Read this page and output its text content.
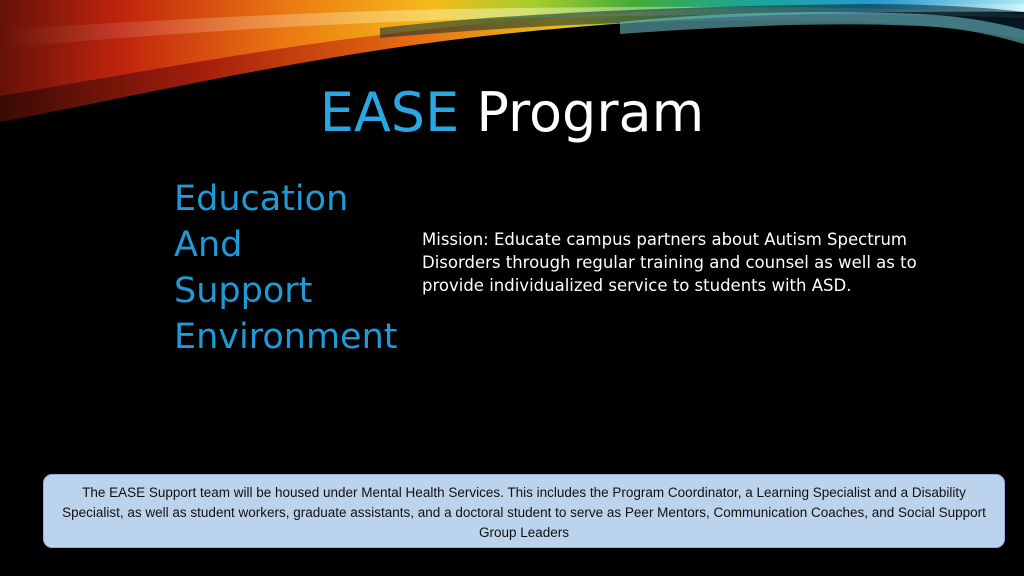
EASE Program
Education
And
Support
Environment
Mission: Educate campus partners about Autism Spectrum Disorders through regular training and counsel as well as to provide individualized service to students with ASD.
The EASE Support team will be housed under Mental Health Services. This includes the Program Coordinator, a Learning Specialist and a Disability Specialist, as well as student workers, graduate assistants, and a doctoral student to serve as Peer Mentors, Communication Coaches, and Social Support Group Leaders
